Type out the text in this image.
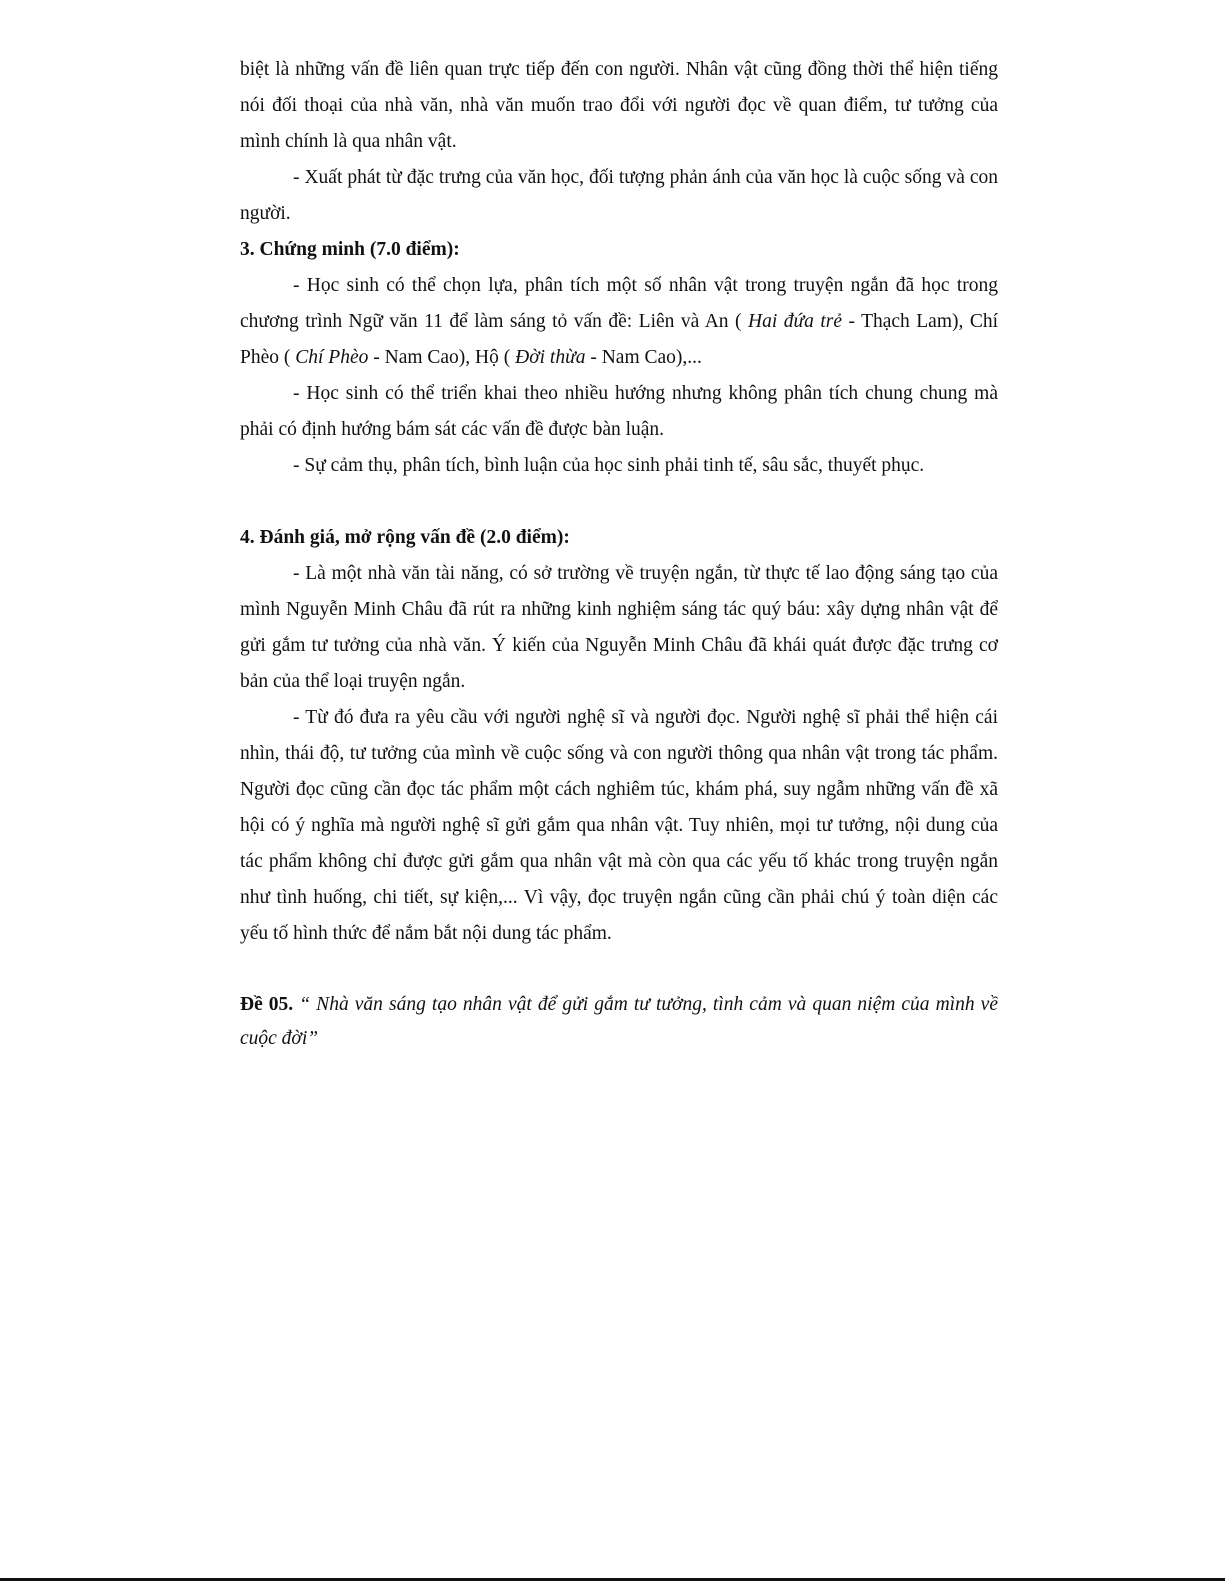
biệt là những vấn đề liên quan trực tiếp đến con người. Nhân vật cũng đồng thời thể hiện tiếng nói đối thoại của nhà văn, nhà văn muốn trao đổi với người đọc về quan điểm, tư tưởng của mình chính là qua nhân vật.

- Xuất phát từ đặc trưng của văn học, đối tượng phản ánh của văn học là cuộc sống và con người.

3. Chứng minh (7.0 điểm):

- Học sinh có thể chọn lựa, phân tích một số nhân vật trong truyện ngắn đã học trong chương trình Ngữ văn 11 để làm sáng tỏ vấn đề: Liên và An ( Hai đứa trẻ - Thạch Lam), Chí Phèo ( Chí Phèo - Nam Cao), Hộ ( Đời thừa - Nam Cao),...

- Học sinh có thể triển khai theo nhiều hướng nhưng không phân tích chung chung mà phải có định hướng bám sát các vấn đề được bàn luận.

- Sự cảm thụ, phân tích, bình luận của học sinh phải tinh tế, sâu sắc, thuyết phục.

4. Đánh giá, mở rộng vấn đề (2.0 điểm):

- Là một nhà văn tài năng, có sở trường về truyện ngắn, từ thực tế lao động sáng tạo của mình Nguyễn Minh Châu đã rút ra những kinh nghiệm sáng tác quý báu: xây dựng nhân vật để gửi gắm tư tưởng của nhà văn. Ý kiến của Nguyễn Minh Châu đã khái quát được đặc trưng cơ bản của thể loại truyện ngắn.

- Từ đó đưa ra yêu cầu với người nghệ sĩ và người đọc. Người nghệ sĩ phải thể hiện cái nhìn, thái độ, tư tưởng của mình về cuộc sống và con người thông qua nhân vật trong tác phẩm. Người đọc cũng cần đọc tác phẩm một cách nghiêm túc, khám phá, suy ngẫm những vấn đề xã hội có ý nghĩa mà người nghệ sĩ gửi gắm qua nhân vật. Tuy nhiên, mọi tư tưởng, nội dung của tác phẩm không chỉ được gửi gắm qua nhân vật mà còn qua các yếu tố khác trong truyện ngắn như tình huống, chi tiết, sự kiện,... Vì vậy, đọc truyện ngắn cũng cần phải chú ý toàn diện các yếu tố hình thức để nắm bắt nội dung tác phẩm.

Đề 05. “ Nhà văn sáng tạo nhân vật để gửi gắm tư tưởng, tình cảm và quan niệm của mình về cuộc đời”
